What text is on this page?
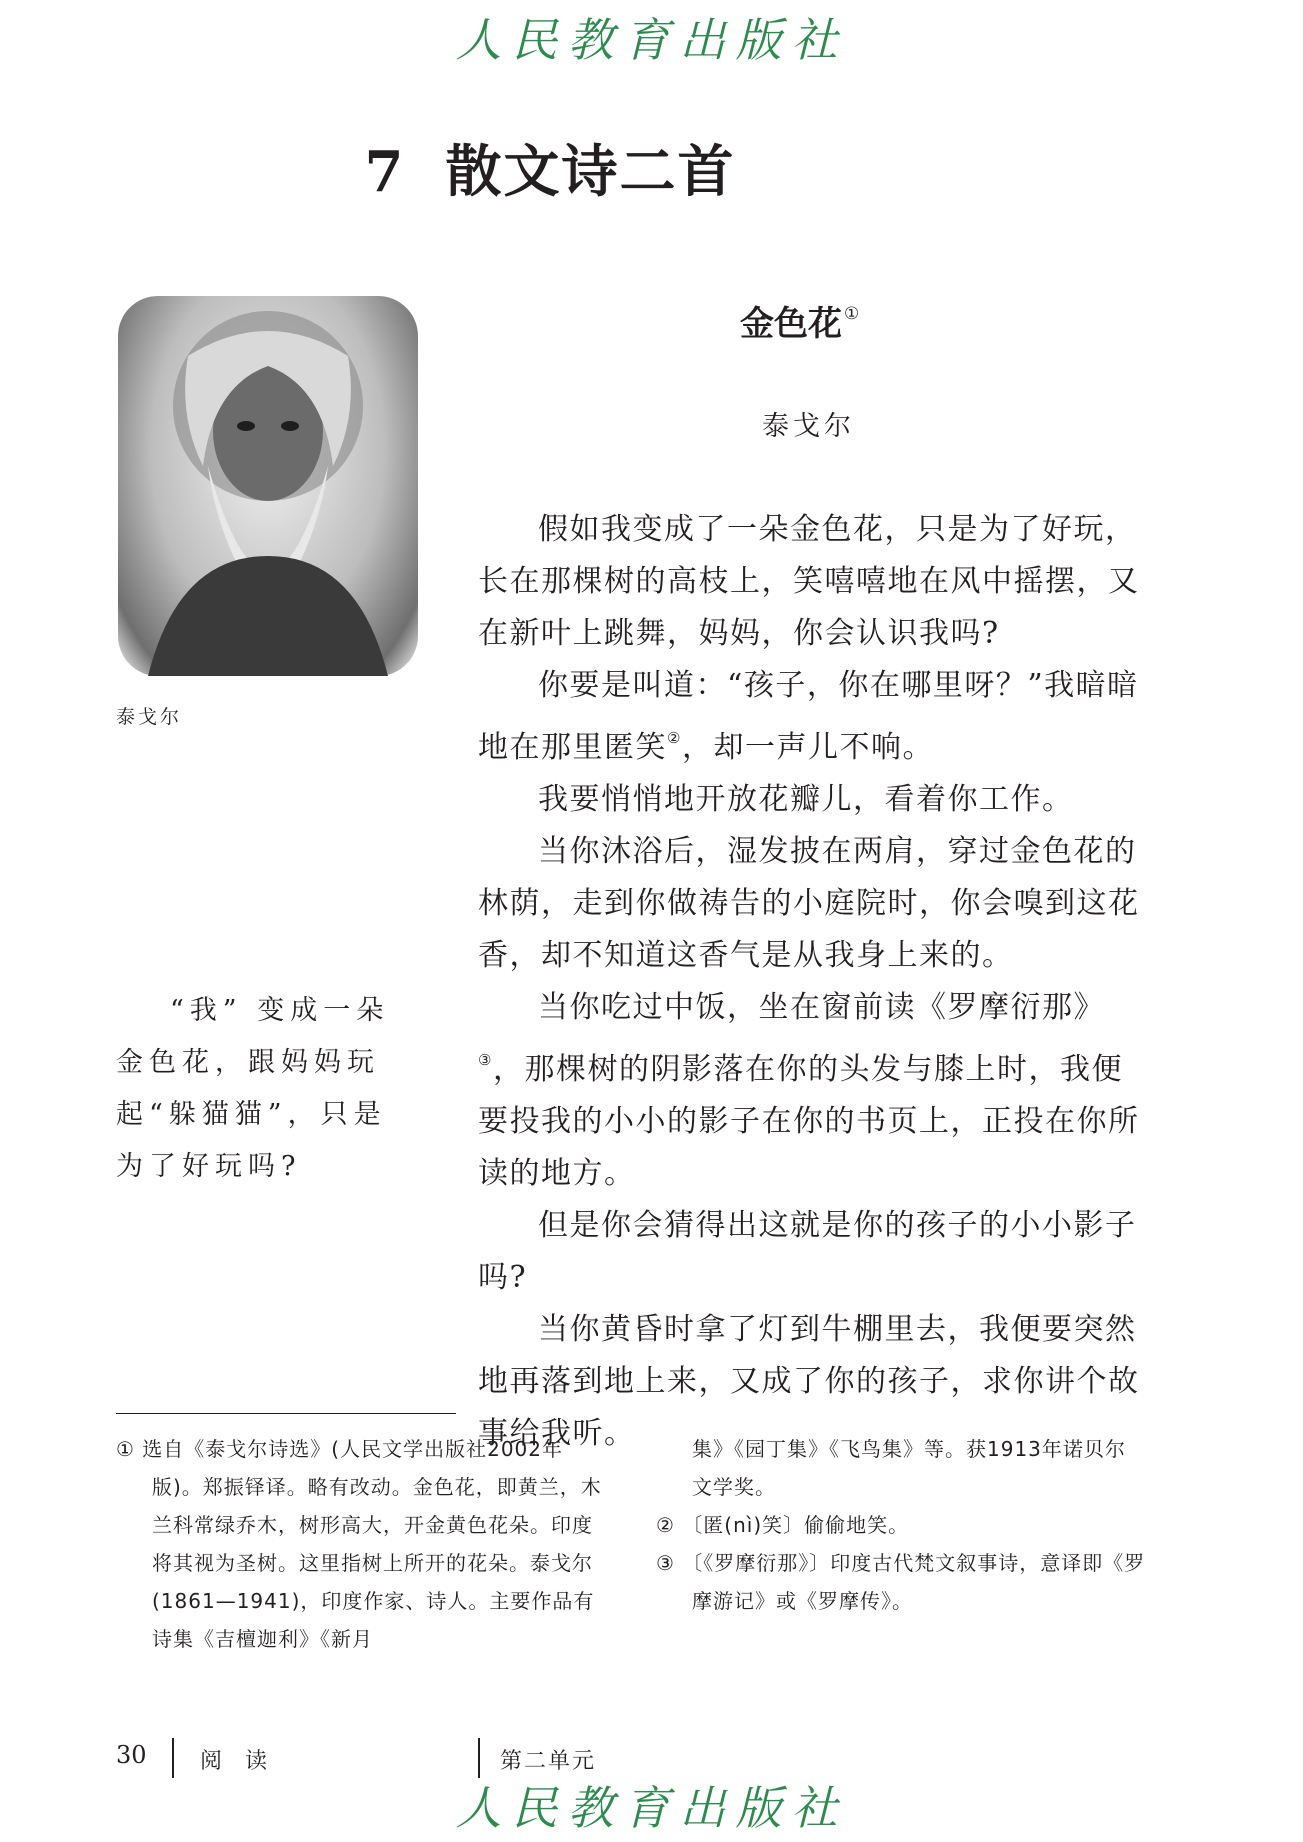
人民教育出版社
7 散文诗二首
泰戈尔

“我” 变成一朵金色花，跟妈妈玩起“躲猫猫”，只是为了好玩吗?

金色花 ①
泰戈尔

假如我变成了一朵金色花，只是为了好玩，长在那棵树的高枝上，笑嘻嘻地在风中摇摆，又在新叶上跳舞，妈妈，你会认识我吗?

你要是叫道：“孩子，你在哪里呀？”我暗暗地在那里匿笑②，却一声儿不响。

我要悄悄地开放花瓣儿，看着你工作。

当你沐浴后，湿发披在两肩，穿过金色花的林荫，走到你做祷告的小庭院时，你会嗅到这花香，却不知道这香气是从我身上来的。

当你吃过中饭，坐在窗前读《罗摩衍那》③，那棵树的阴影落在你的头发与膝上时，我便要投我的小小的影子在你的书页上，正投在你所读的地方。

但是你会猜得出这就是你的孩子的小小影子吗?

当你黄昏时拿了灯到牛棚里去，我便要突然地再落到地上来，又成了你的孩子，求你讲个故事给我听。

① 选自《泰戈尔诗选》(人民文学出版社2002年版)。郑振铎译。略有改动。金色花，即黄兰，木兰科常绿乔木，树形高大，开金黄色花朵。印度将其视为圣树。这里指树上所开的花朵。泰戈尔(1861—1941)，印度作家、诗人。主要作品有诗集《吉檀迦利》《新月

集》《园丁集》《飞鸟集》等。获1913年诺贝尔文学奖。

② 〔匿(nì)笑〕偷偷地笑。

③ 〔《罗摩衍那》〕印度古代梵文叙事诗，意译即《罗摩游记》或《罗摩传》。

30 阅 读	第二单元
人民教育出版社
